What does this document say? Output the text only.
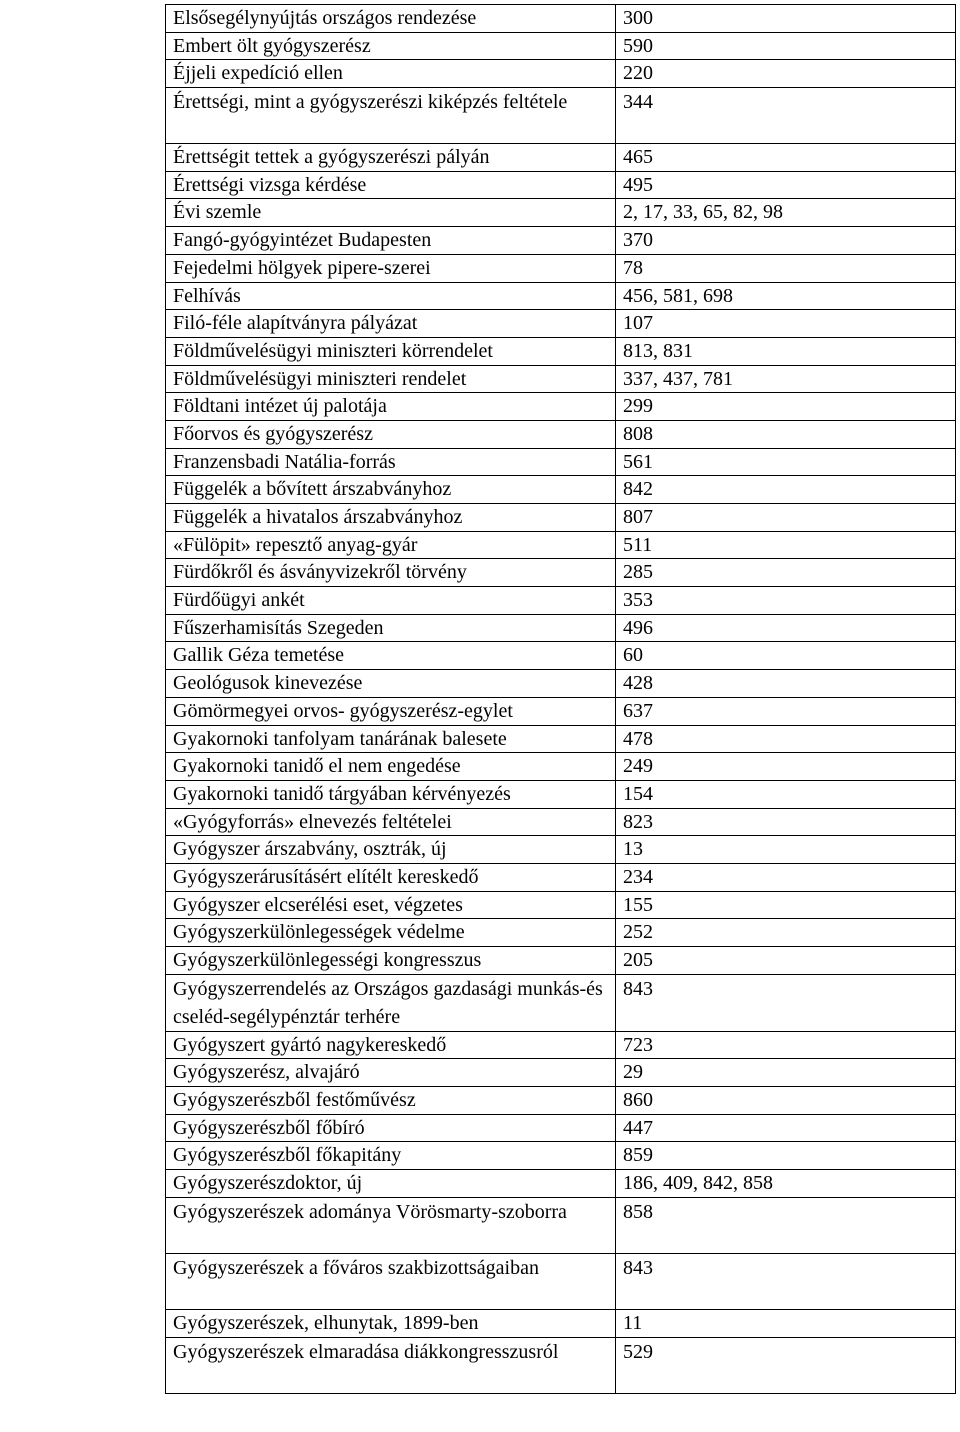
Elsősegélynyújtás országos rendezése	300
Embert ölt gyógyszerész	590
Éjjeli expedíció ellen	220
Érettségi, mint a gyógyszerészi kiképzés feltétele	344
Érettségit tettek a gyógyszerészi pályán	465
Érettségi vizsga kérdése	495
Évi szemle	2, 17, 33, 65, 82, 98
Fangó-gyógyintézet Budapesten	370
Fejedelmi hölgyek pipere-szerei	78
Felhívás	456, 581, 698
Filó-féle alapítványra pályázat	107
Földművelésügyi miniszteri körrendelet	813, 831
Földművelésügyi miniszteri rendelet	337, 437, 781
Földtani intézet új palotája	299
Főorvos és gyógyszerész	808
Franzensbadi Natália-forrás	561
Függelék a bővített árszabványhoz	842
Függelék a hivatalos árszabványhoz	807
«Fülöpit» repesztő anyag-gyár	511
Fürdőkről és ásványvizekről törvény	285
Fürdőügyi ankét	353
Fűszerhamisítás Szegeden	496
Gallik Géza temetése	60
Geológusok kinevezése	428
Gömörmegyei orvos- gyógyszerész-egylet	637
Gyakornoki tanfolyam tanárának balesete	478
Gyakornoki tanidő el nem engedése	249
Gyakornoki tanidő tárgyában kérvényezés	154
«Gyógyforrás» elnevezés feltételei	823
Gyógyszer árszabvány, osztrák, új	13
Gyógyszerárusításért elítélt kereskedő	234
Gyógyszer elcserélési eset, végzetes	155
Gyógyszerkülönlegességek védelme	252
Gyógyszerkülönlegességi kongresszus	205
Gyógyszerrendelés az Országos gazdasági munkás-és cseléd-segélypénztár terhére	843
Gyógyszert gyártó nagykereskedő	723
Gyógyszerész, alvajáró	29
Gyógyszerészből festőművész	860
Gyógyszerészből főbíró	447
Gyógyszerészből főkapitány	859
Gyógyszerészdoktor, új	186, 409, 842, 858
Gyógyszerészek adománya Vörösmarty-szoborra	858
Gyógyszerészek a főváros szakbizottságaiban	843
Gyógyszerészek, elhunytak, 1899-ben	11
Gyógyszerészek elmaradása diákkongresszusról	529
